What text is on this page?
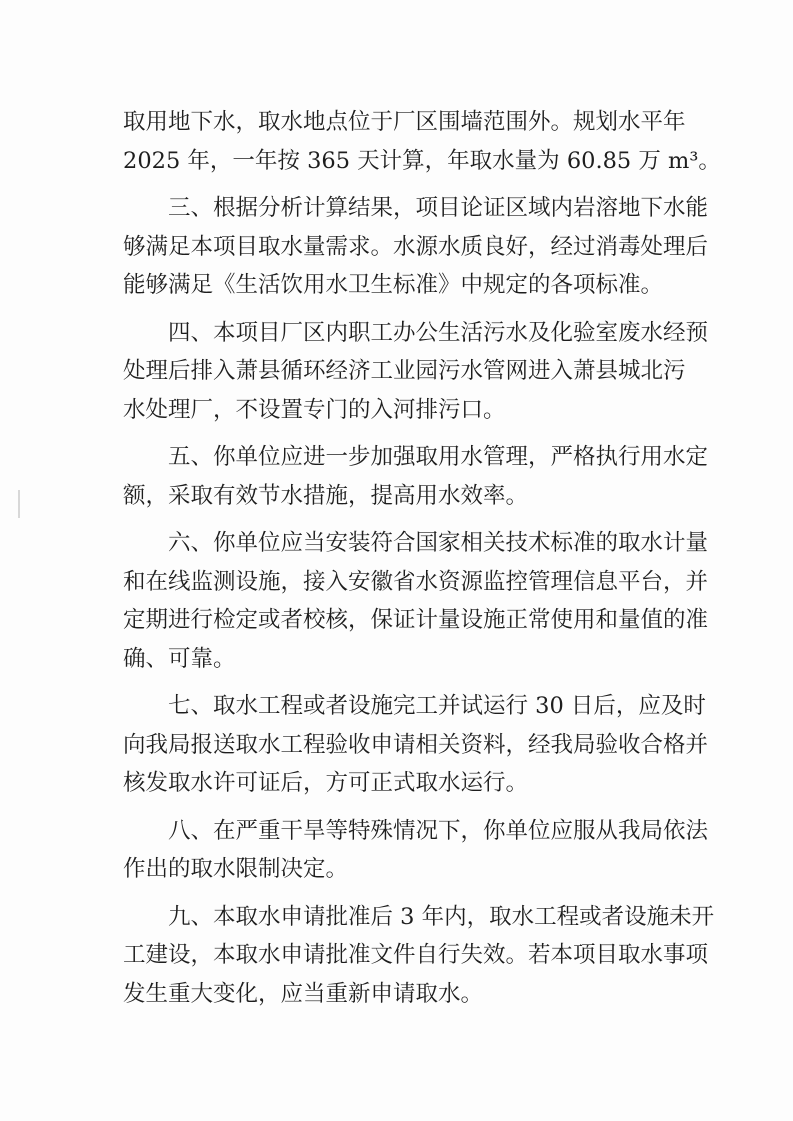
取用地下水，取水地点位于厂区围墙范围外。规划水平年
2025 年，一年按 365 天计算，年取水量为 60.85 万 m³。
三、根据分析计算结果，项目论证区域内岩溶地下水能
够满足本项目取水量需求。水源水质良好，经过消毒处理后
能够满足《生活饮用水卫生标准》中规定的各项标准。
四、本项目厂区内职工办公生活污水及化验室废水经预
处理后排入萧县循环经济工业园污水管网进入萧县城北污
水处理厂，不设置专门的入河排污口。
五、你单位应进一步加强取用水管理，严格执行用水定
额，采取有效节水措施，提高用水效率。
六、你单位应当安装符合国家相关技术标准的取水计量
和在线监测设施，接入安徽省水资源监控管理信息平台，并
定期进行检定或者校核，保证计量设施正常使用和量值的准
确、可靠。
七、取水工程或者设施完工并试运行 30 日后，应及时
向我局报送取水工程验收申请相关资料，经我局验收合格并
核发取水许可证后，方可正式取水运行。
八、在严重干旱等特殊情况下，你单位应服从我局依法
作出的取水限制决定。
九、本取水申请批准后 3 年内，取水工程或者设施未开
工建设，本取水申请批准文件自行失效。若本项目取水事项
发生重大变化，应当重新申请取水。
